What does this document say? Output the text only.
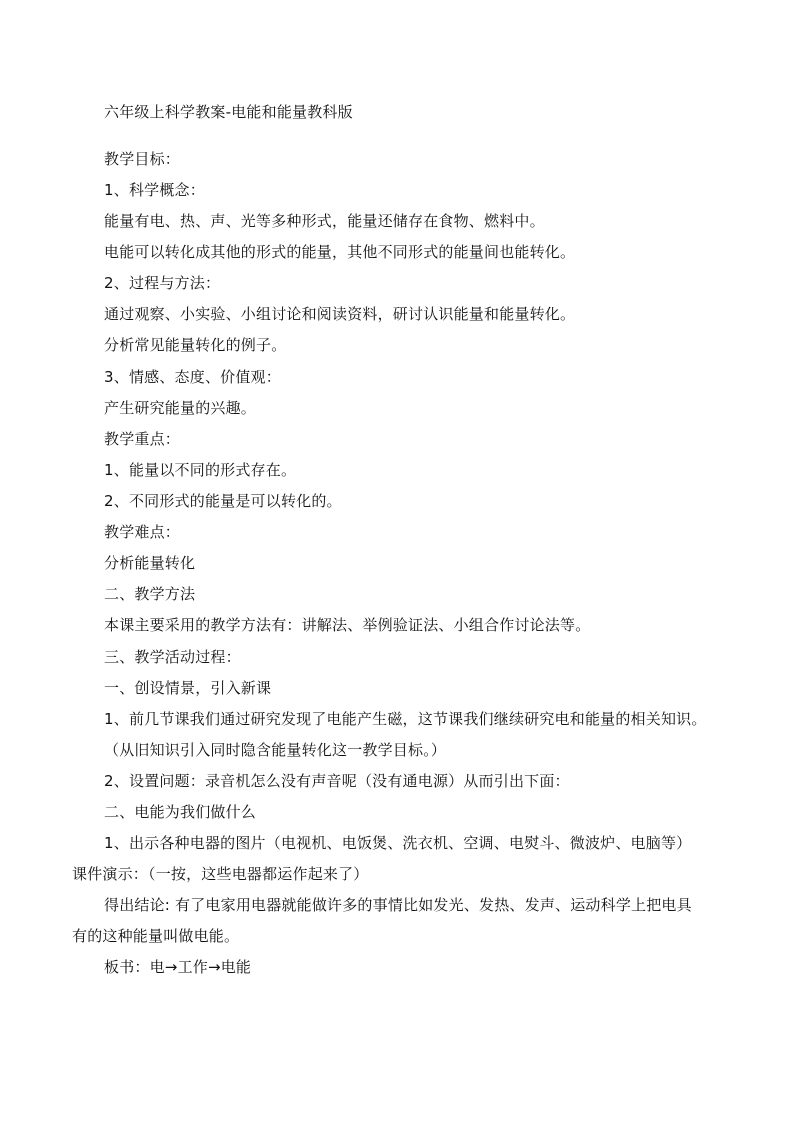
六年级上科学教案-电能和能量教科版
教学目标：
1、科学概念：
能量有电、热、声、光等多种形式，能量还储存在食物、燃料中。
电能可以转化成其他的形式的能量，其他不同形式的能量间也能转化。
2、过程与方法：
通过观察、小实验、小组讨论和阅读资料，研讨认识能量和能量转化。
分析常见能量转化的例子。
3、情感、态度、价值观：
产生研究能量的兴趣。
教学重点：
1、能量以不同的形式存在。
2、不同形式的能量是可以转化的。
教学难点：
分析能量转化
二、教学方法
本课主要采用的教学方法有：讲解法、举例验证法、小组合作讨论法等。
三、教学活动过程：
一、创设情景，引入新课
1、前几节课我们通过研究发现了电能产生磁，这节课我们继续研究电和能量的相关知识。
（从旧知识引入同时隐含能量转化这一教学目标。）
2、设置问题：录音机怎么没有声音呢（没有通电源）从而引出下面：
二、电能为我们做什么
1、出示各种电器的图片（电视机、电饭煲、洗衣机、空调、电熨斗、微波炉、电脑等）
课件演示：（一按，这些电器都运作起来了）
得出结论: 有了电家用电器就能做许多的事情比如发光、发热、发声、运动科学上把电具
有的这种能量叫做电能。
板书：电→工作→电能
